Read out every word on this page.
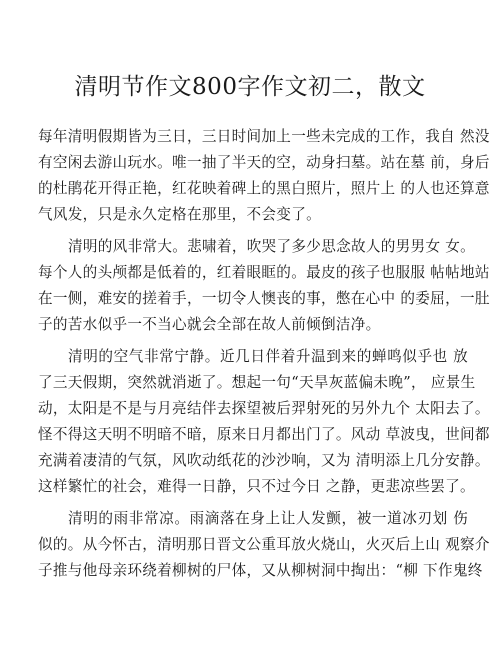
清明节作文800字作文初二，散文
每年清明假期皆为三日，三日时间加上一些未完成的工作，我自 然没
有空闲去游山玩水。唯一抽了半天的空，动身扫墓。站在墓 前，身后
的杜鹃花开得正艳，红花映着碑上的黑白照片，照片上 的人也还算意
气风发，只是永久定格在那里，不会变了。
清明的风非常大。悲啸着，吹哭了多少思念故人的男男女 女。
每个人的头颅都是低着的，红着眼眶的。最皮的孩子也服服 帖帖地站
在一侧，难安的搓着手，一切令人懊丧的事，憋在心中 的委屈，一肚
子的苦水似乎一不当心就会全部在故人前倾倒洁净。
清明的空气非常宁静。近几日伴着升温到来的蝉鸣似乎也 放
了三天假期，突然就消逝了。想起一句“天旱灰蓝偏未晚”， 应景生
动，太阳是不是与月亮结伴去探望被后羿射死的另外九个 太阳去了。
怪不得这天明不明暗不暗，原来日月都出门了。风动 草波曳，世间都
充满着凄清的气氛，风吹动纸花的沙沙响，又为 清明添上几分安静。
这样繁忙的社会，难得一日静，只不过今日 之静，更悲凉些罢了。
清明的雨非常凉。雨滴落在身上让人发颤，被一道冰刃划 伤
似的。从今怀古，清明那日晋文公重耳放火烧山，火灭后上山 观察介
子推与他母亲环绕着柳树的尸体，又从柳树洞中掏出：“柳 下作鬼终
